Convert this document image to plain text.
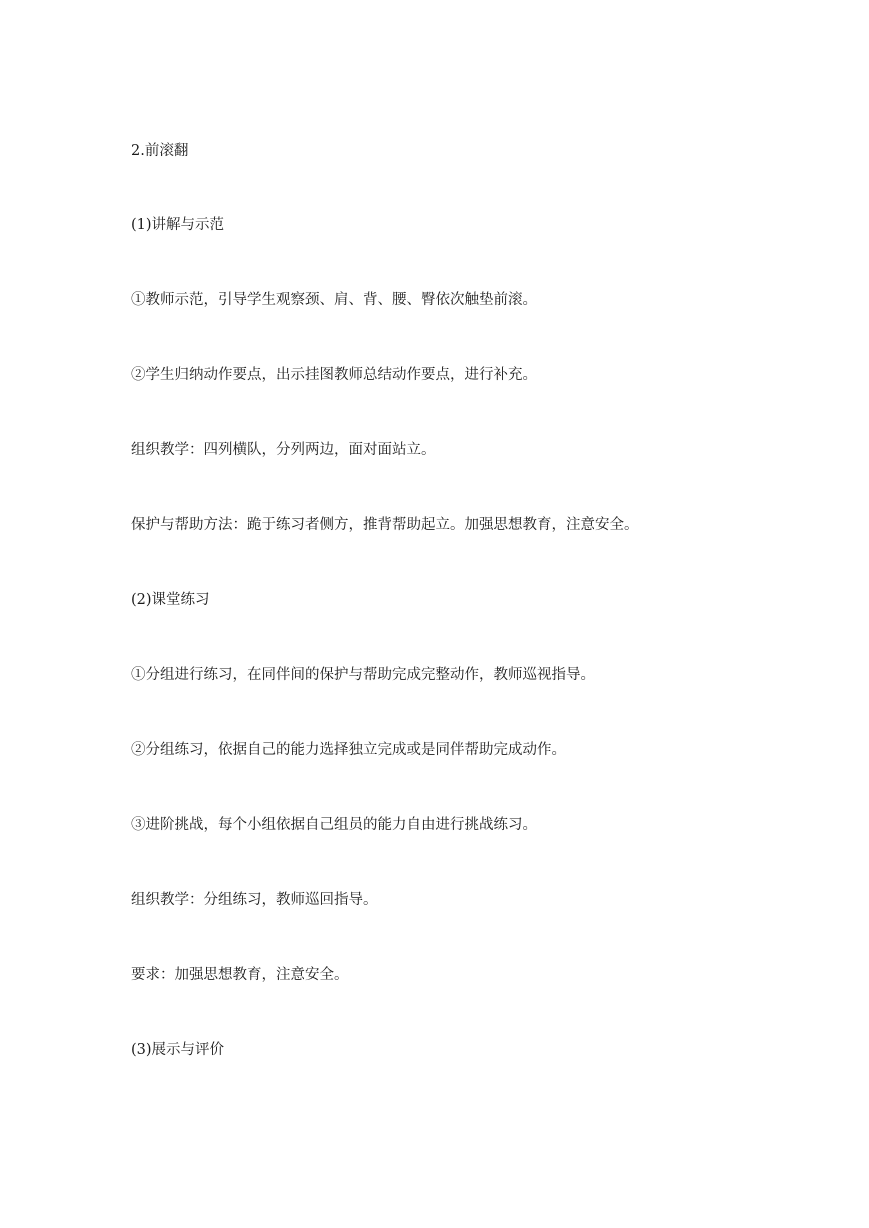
2.前滚翻

(1)讲解与示范

①教师示范，引导学生观察颈、肩、背、腰、臀依次触垫前滚。

②学生归纳动作要点，出示挂图教师总结动作要点，进行补充。

组织教学：四列横队，分列两边，面对面站立。

保护与帮助方法：跪于练习者侧方，推背帮助起立。加强思想教育，注意安全。

(2)课堂练习

①分组进行练习，在同伴间的保护与帮助完成完整动作，教师巡视指导。

②分组练习，依据自己的能力选择独立完成或是同伴帮助完成动作。

③进阶挑战，每个小组依据自己组员的能力自由进行挑战练习。

组织教学：分组练习，教师巡回指导。

要求：加强思想教育，注意安全。

(3)展示与评价
